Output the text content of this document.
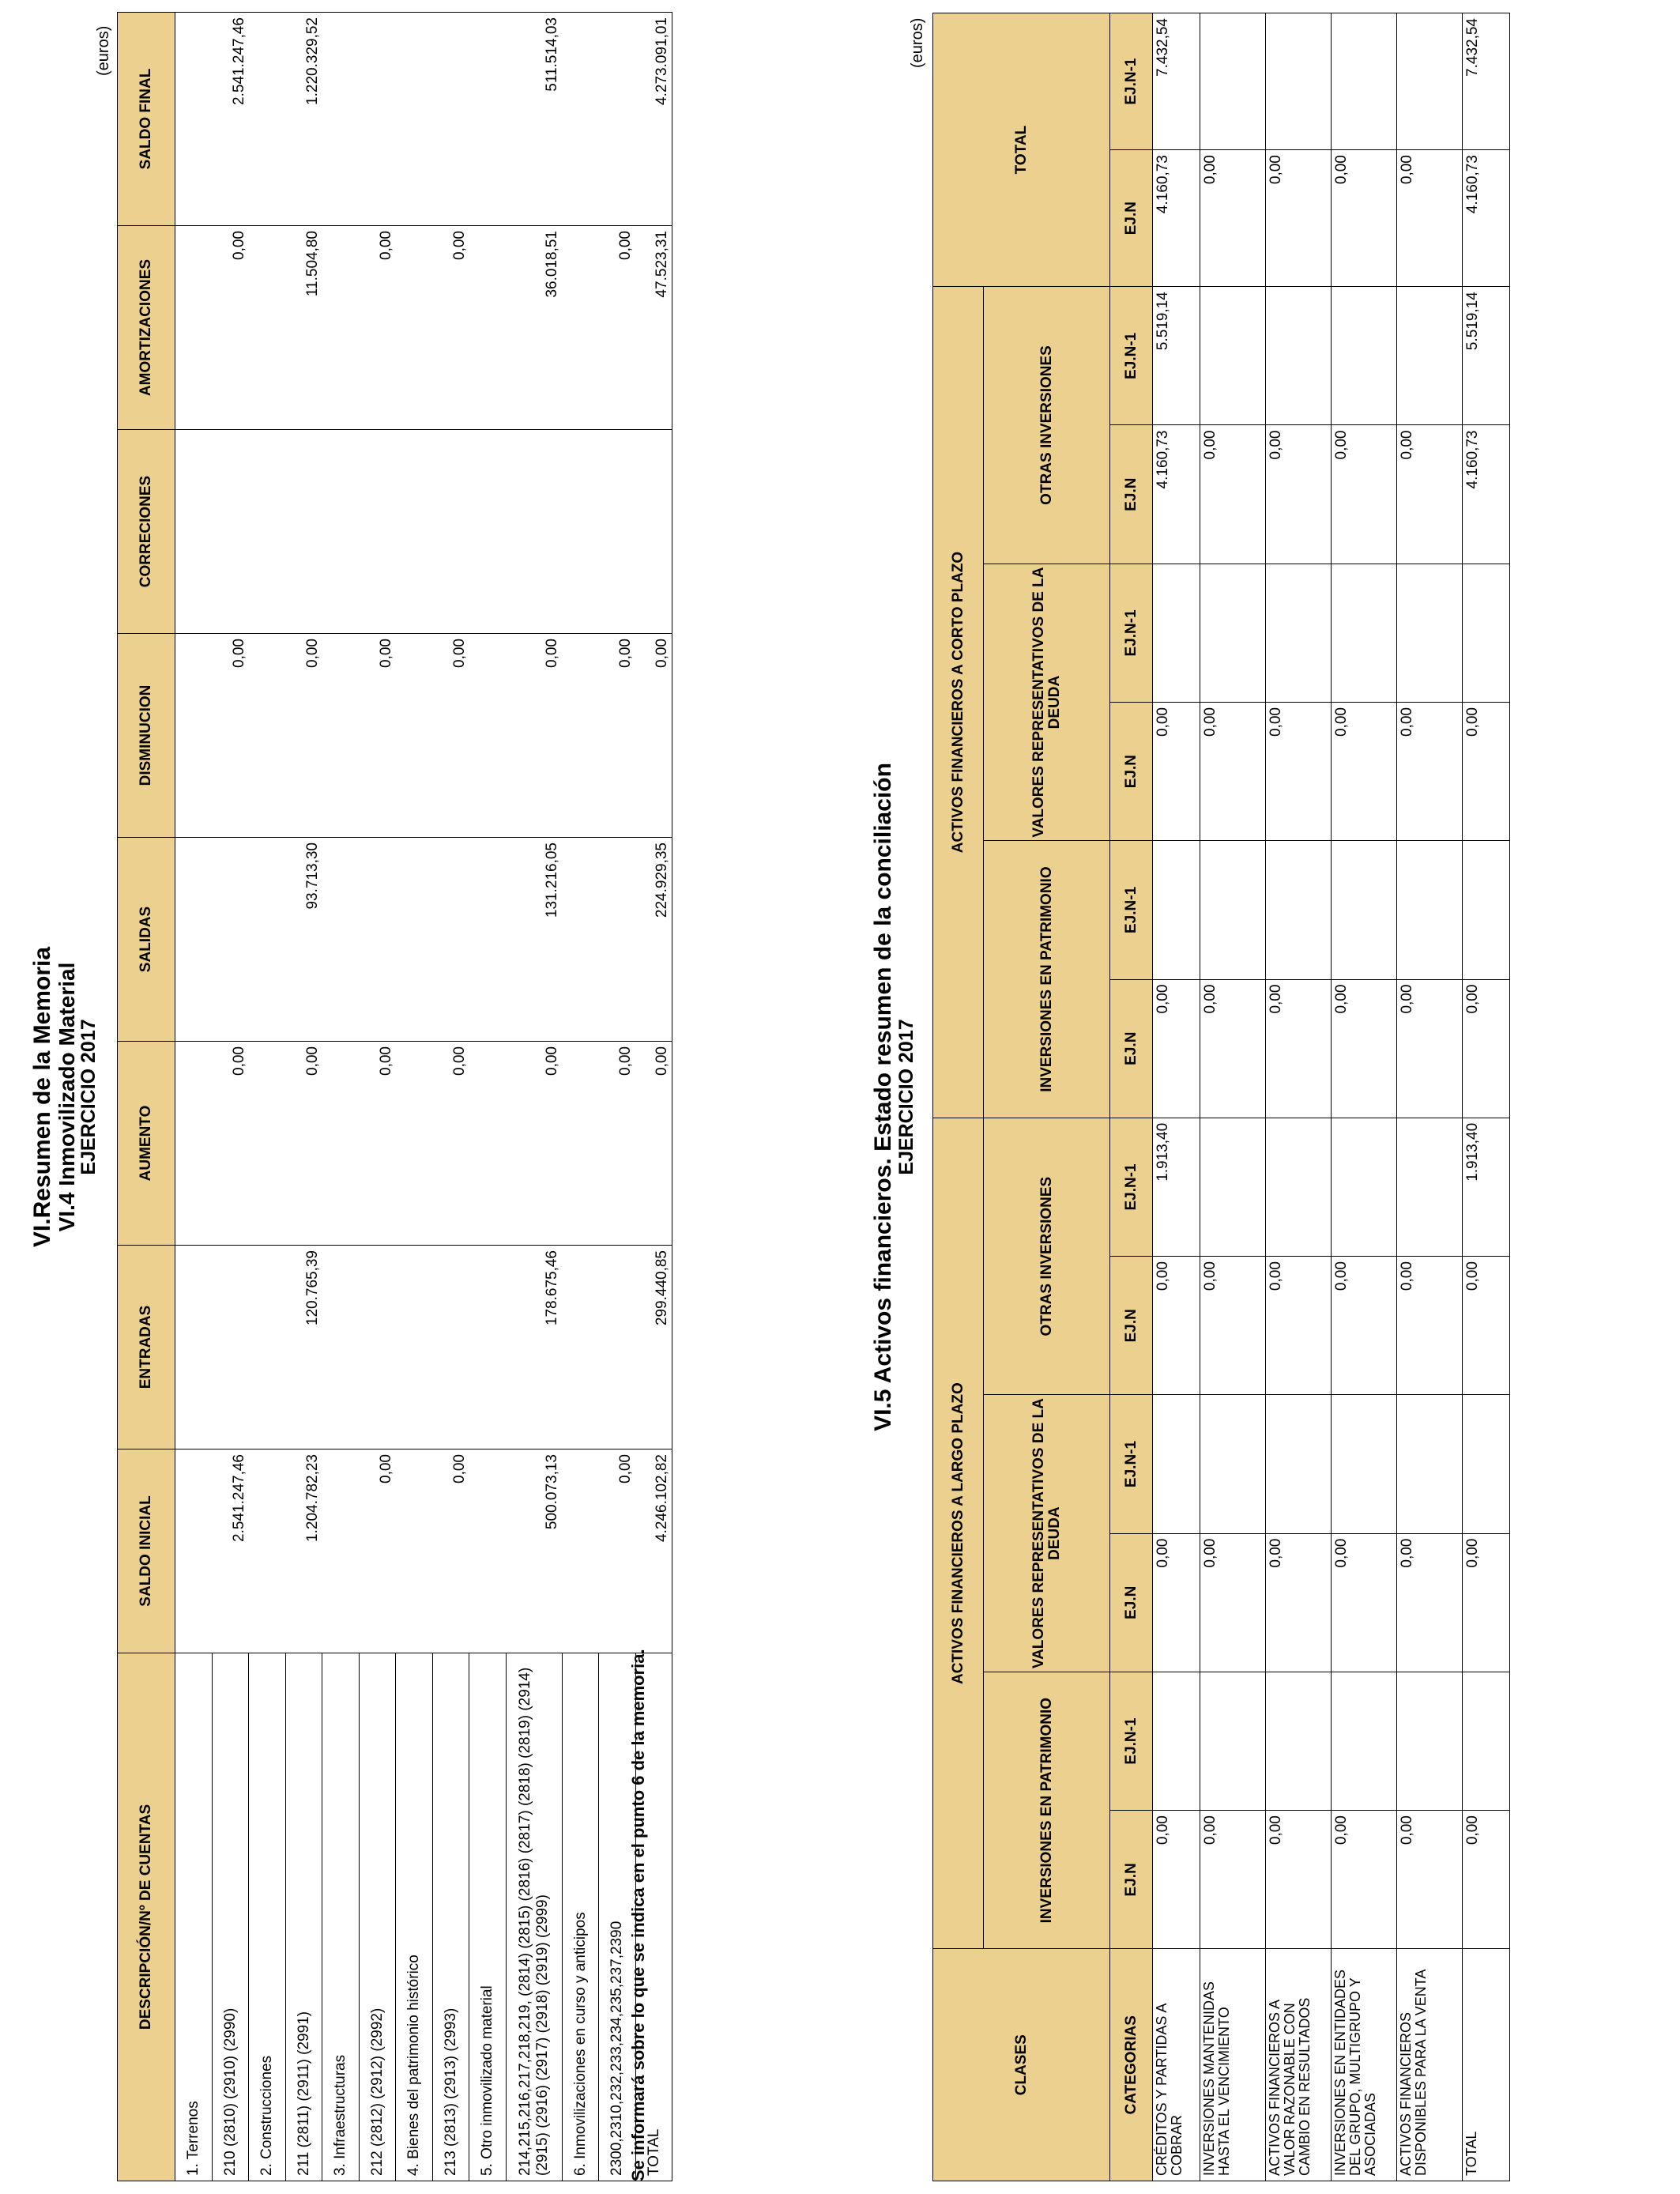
VI.Resumen de la Memoria
VI.4 Inmovilizado Material
EJERCICIO 2017
(euros)
DESCRIPCIÓN/Nº DE CUENTAS	SALDO INICIAL	ENTRADAS	AUMENTO	SALIDAS	DISMINUCION	CORRECIONES	AMORTIZACIONES	SALDO FINAL
1. Terrenos								
210 (2810) (2910) (2990)	2.541.247,46		0,00		0,00		0,00	2.541.247,46
2. Construcciones								
211 (2811) (2911) (2991)	1.204.782,23	120.765,39	0,00	93.713,30	0,00		11.504,80	1.220.329,52
3. Infraestructuras								
212 (2812) (2912) (2992)	0,00		0,00		0,00		0,00	
4. Bienes del patrimonio histórico								
213 (2813) (2913) (2993)	0,00		0,00		0,00		0,00	
5. Otro inmovilizado material								
214,215,216,217,218,219, (2814) (2815) (2816) (2817) (2818) (2819) (2914) (2915) (2916) (2917) (2918) (2919) (2999)	500.073,13	178.675,46	0,00	131.216,05	0,00		36.018,51	511.514,03
6. Inmovilizaciones en curso y anticipos								
2300,2310,232,233,234,235,237,2390	0,00		0,00		0,00		0,00	
TOTAL	4.246.102,82	299.440,85	0,00	224.929,35	0,00		47.523,31	4.273.091,01
Se informará sobre lo que se indica en el punto 6 de la memoria.
VI.5 Activos financieros. Estado resumen de la conciliación
EJERCICIO 2017
(euros)
CLASES	ACTIVOS FINANCIEROS A LARGO PLAZO						ACTIVOS FINANCIEROS A CORTO PLAZO						TOTAL	
	INVERSIONES EN PATRIMONIO		VALORES REPRESENTATIVOS DE LA DEUDA		OTRAS INVERSIONES		INVERSIONES EN PATRIMONIO		VALORES REPRESENTATIVOS DE LA DEUDA		OTRAS INVERSIONES			
CATEGORIAS	EJ.N	EJ.N-1	EJ.N	EJ.N-1	EJ.N	EJ.N-1	EJ.N	EJ.N-1	EJ.N	EJ.N-1	EJ.N	EJ.N-1	EJ.N	EJ.N-1
CRÉDITOS Y PARTIDAS A COBRAR	0,00		0,00		0,00	1.913,40	0,00		0,00		4.160,73	5.519,14	4.160,73	7.432,54
INVERSIONES MANTENIDAS HASTA EL VENCIMIENTO	0,00		0,00		0,00		0,00		0,00		0,00		0,00	
ACTIVOS FINANCIEROS A VALOR RAZONABLE CON CAMBIO EN RESULTADOS	0,00		0,00		0,00		0,00		0,00		0,00		0,00	
INVERSIONES EN ENTIDADES DEL GRUPO, MULTIGRUPO Y ASOCIADAS	0,00		0,00		0,00		0,00		0,00		0,00		0,00	
ACTIVOS FINANCIEROS DISPONIBLES PARA LA VENTA	0,00		0,00		0,00		0,00		0,00		0,00		0,00	
TOTAL	0,00		0,00		0,00	1.913,40	0,00		0,00		4.160,73	5.519,14	4.160,73	7.432,54
